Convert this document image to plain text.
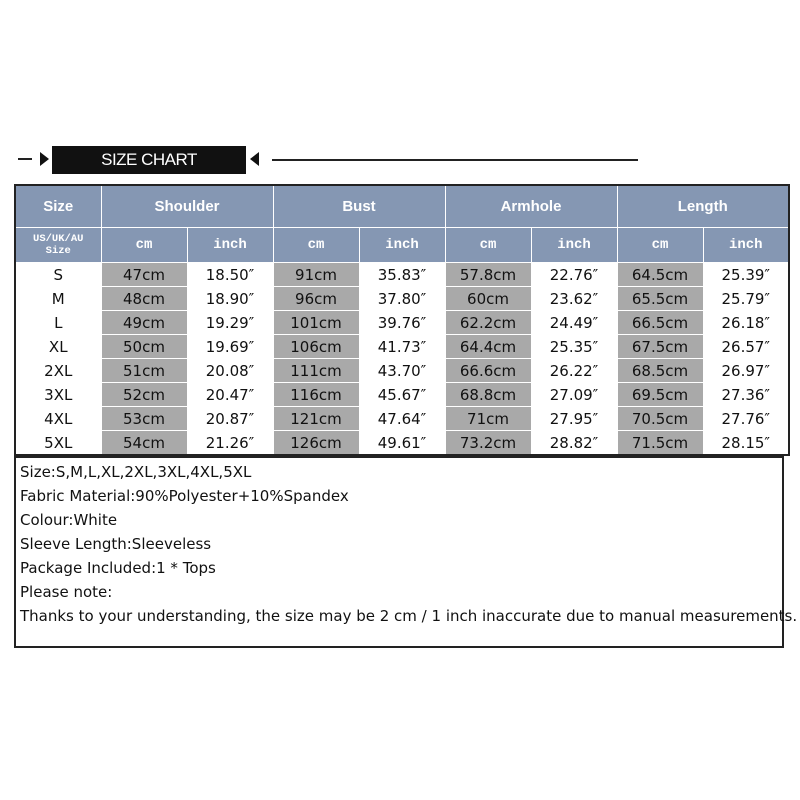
SIZE CHART
Size	Shoulder		Bust		Armhole		Length	

US/UK/AU
Size	cm	inch	cm	inch	cm	inch	cm	inch
S	47cm	18.50″	91cm	35.83″	57.8cm	22.76″	64.5cm	25.39″
M	48cm	18.90″	96cm	37.80″	60cm	23.62″	65.5cm	25.79″
L	49cm	19.29″	101cm	39.76″	62.2cm	24.49″	66.5cm	26.18″
XL	50cm	19.69″	106cm	41.73″	64.4cm	25.35″	67.5cm	26.57″
2XL	51cm	20.08″	111cm	43.70″	66.6cm	26.22″	68.5cm	26.97″
3XL	52cm	20.47″	116cm	45.67″	68.8cm	27.09″	69.5cm	27.36″
4XL	53cm	20.87″	121cm	47.64″	71cm	27.95″	70.5cm	27.76″
5XL	54cm	21.26″	126cm	49.61″	73.2cm	28.82″	71.5cm	28.15″
Size:S,M,L,XL,2XL,3XL,4XL,5XL
Fabric Material:90%Polyester+10%Spandex
Colour:White
Sleeve Length:Sleeveless
Package Included:1 * Tops
Please note:
Thanks to your understanding, the size may be 2 cm / 1 inch inaccurate due to manual measurements.
